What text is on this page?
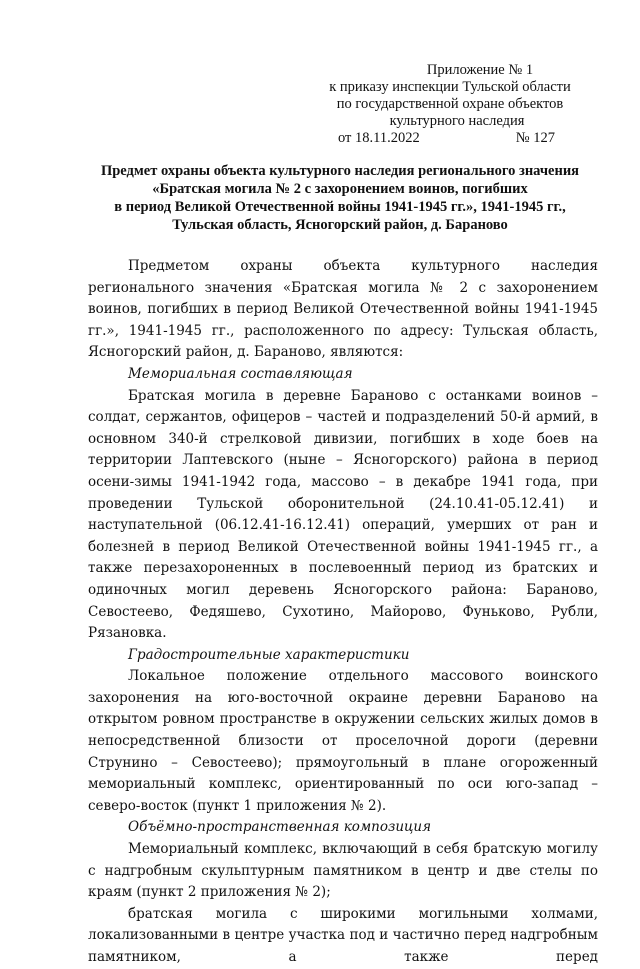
Приложение № 1
к приказу инспекции Тульской области
по государственной охране объектов
культурного наследия
от 18.11.2022	№ 127
Предмет охраны объекта культурного наследия регионального значения
«Братская могила № 2 с захоронением воинов, погибших
в период Великой Отечественной войны 1941-1945 гг.», 1941-1945 гг.,
Тульская область, Ясногорский район, д. Бараново

Предметом охраны объекта культурного наследия регионального значения «Братская могила № 2 с захоронением воинов, погибших в период Великой Отечественной войны 1941-1945 гг.», 1941-1945 гг., расположенного по адресу: Тульская область, Ясногорский район, д. Бараново, являются:

Мемориальная составляющая

Братская могила в деревне Бараново с останками воинов – солдат, сержантов, офицеров – частей и подразделений 50-й армий, в основном 340-й стрелковой дивизии, погибших в ходе боев на территории Лаптевского (ныне – Ясногорского) района в период осени-зимы 1941-1942 года, массово – в декабре 1941 года, при проведении Тульской оборонительной (24.10.41-05.12.41) и наступательной (06.12.41-16.12.41) операций, умерших от ран и болезней в период Великой Отечественной войны 1941-1945 гг., а также перезахороненных в послевоенный период из братских и одиночных могил деревень Ясногорского района: Бараново, Севостеево, Федяшево, Сухотино, Майорово, Фуньково, Рубли, Рязановка.

Градостроительные характеристики

Локальное положение отдельного массового воинского захоронения на юго-восточной окраине деревни Бараново на открытом ровном пространстве в окружении сельских жилых домов в непосредственной близости от проселочной дороги (деревни Струнино – Севостеево); прямоугольный в плане огороженный мемориальный комплекс, ориентированный по оси юго-запад – северо-восток (пункт 1 приложения № 2).

Объёмно-пространственная композиция

Мемориальный комплекс, включающий в себя братскую могилу с надгробным скульптурным памятником в центр и две стелы по краям (пункт 2 приложения № 2);

братская могила с широкими могильными холмами, локализованными в центре участка под и частично перед надгробным памятником, а также перед
